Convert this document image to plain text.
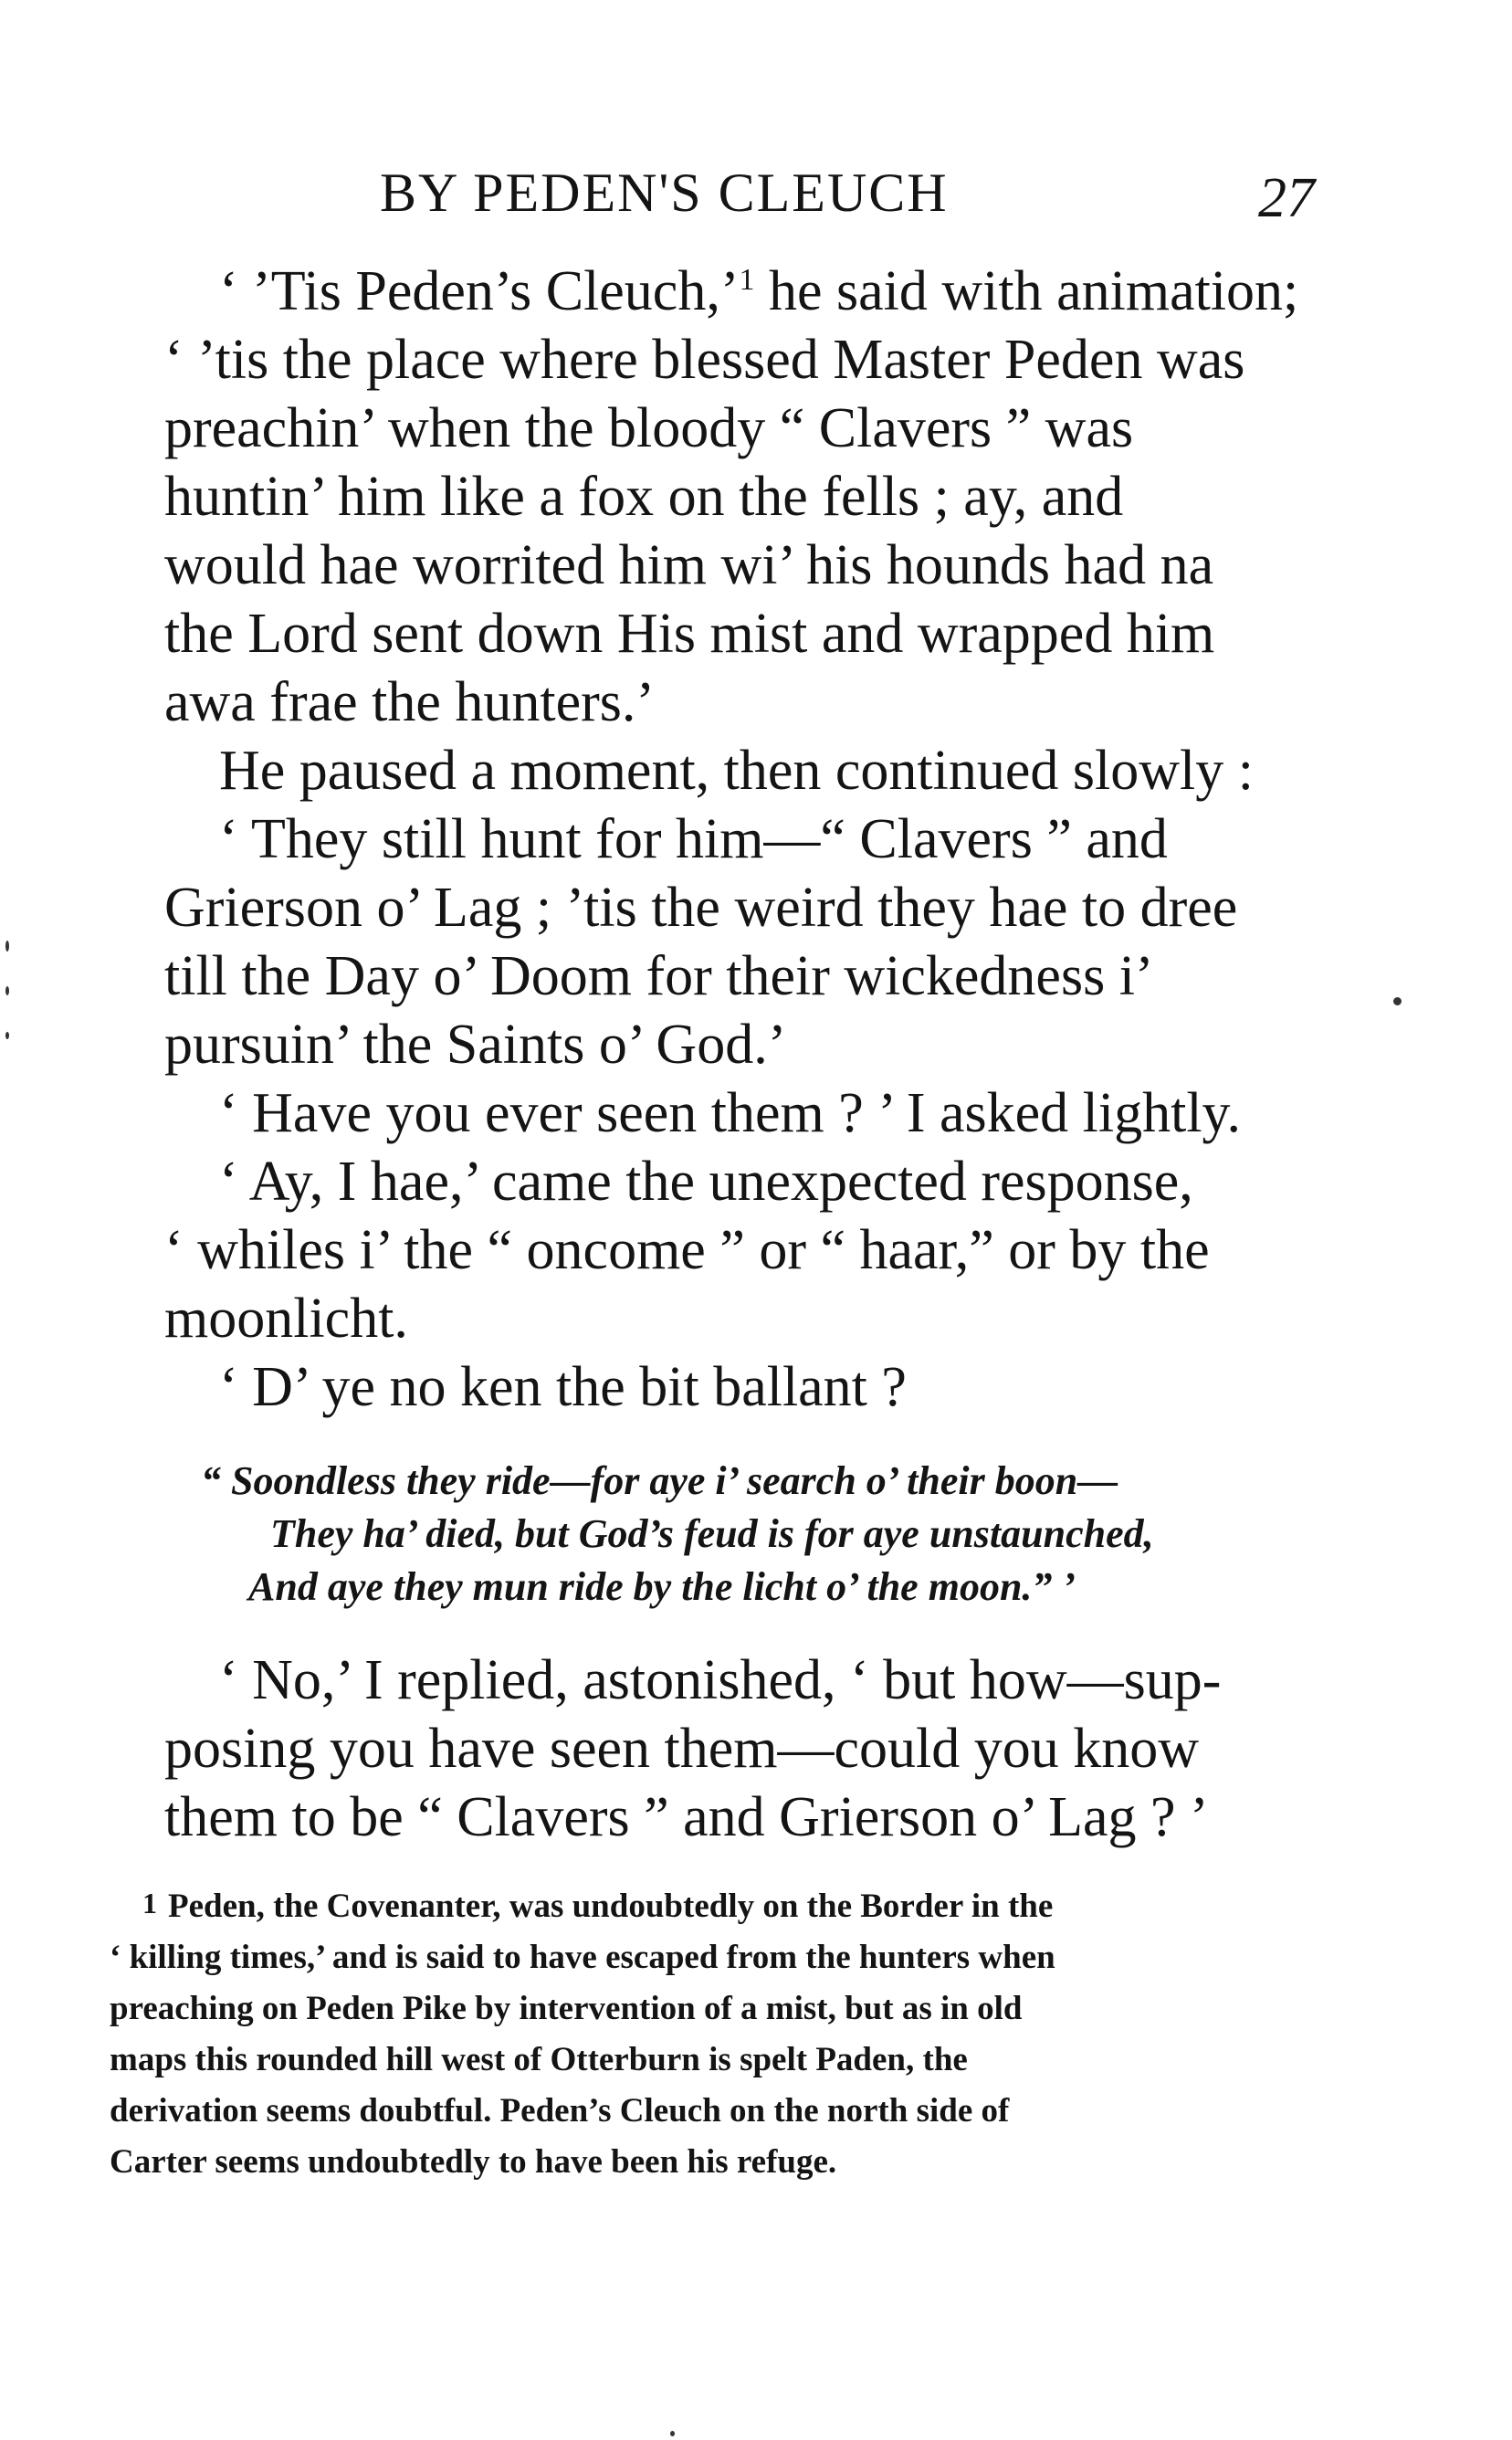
BY PEDEN'S CLEUCH	27

‘ ’Tis Peden’s Cleuch,’$^1$ he said with animation;
‘ ’tis the place where blessed Master Peden was
preachin’ when the bloody “ Clavers ” was
huntin’ him like a fox on the fells ; ay, and
would hae worrited him wi’ his hounds had na
the Lord sent down His mist and wrapped him
awa frae the hunters.’

He paused a moment, then continued slowly :

‘ They still hunt for him—“ Clavers ” and
Grierson o’ Lag ; ’tis the weird they hae to dree
till the Day o’ Doom for their wickedness i’
pursuin’ the Saints o’ God.’

‘ Have you ever seen them ? ’ I asked lightly.

‘ Ay, I hae,’ came the unexpected response,
‘ whiles i’ the “ oncome ” or “ haar,” or by the
moonlicht.

‘ D’ ye no ken the bit ballant ?

“ Soondless they ride—for aye i’ search o’ their boon—
They ha’ died, but God’s feud is for aye unstaunched,
And aye they mun ride by the licht o’ the moon.” ’

‘ No,’ I replied, astonished, ‘ but how—sup-
posing you have seen them—could you know
them to be “ Clavers ” and Grierson o’ Lag ? ’

1 Peden, the Covenanter, was undoubtedly on the Border in the
‘ killing times,’ and is said to have escaped from the hunters when
preaching on Peden Pike by intervention of a mist, but as in old
maps this rounded hill west of Otterburn is spelt Paden, the
derivation seems doubtful. Peden’s Cleuch on the north side of
Carter seems undoubtedly to have been his refuge.
